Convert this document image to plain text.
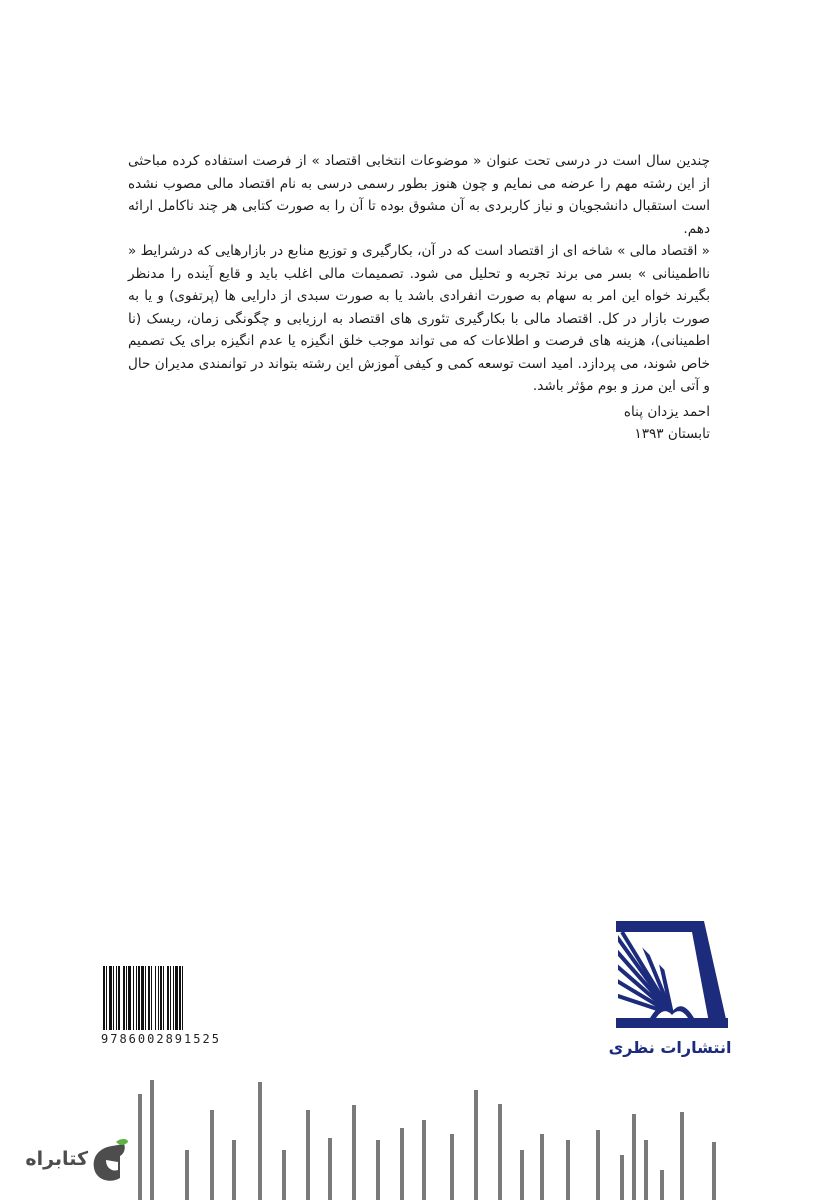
چندین سال است در درسی تحت عنوان « موضوعات انتخابی اقتصاد » از فرصت استفاده کرده مباحثی از این رشته مهم را عرضه می نمایم و چون هنوز بطور رسمی درسی به نام اقتصاد مالی مصوب نشده است استقبال دانشجویان و نیاز کاربردی به آن مشوق بوده تا آن را به صورت کتابی هر چند ناکامل ارائه دهم.

« اقتصاد مالی » شاخه ای از اقتصاد است که در آن، بکارگیری و توزیع منابع در بازارهایی که درشرایط « نااطمینانی » بسر می برند تجربه و تحلیل می شود. تصمیمات مالی اغلب باید و قایع آینده را مدنظر بگیرند خواه این امر به سهام به صورت انفرادی باشد یا به صورت سبدی از دارایی ها (پرتفوی) و یا به صورت بازار در کل. اقتصاد مالی با بکارگیری تئوری های اقتصاد به ارزیابی و چگونگی زمان، ریسک (نا اطمینانی)، هزینه های فرصت و اطلاعات که می تواند موجب خلق انگیزه یا عدم انگیزه برای یک تصمیم خاص شوند، می پردازد. امید است توسعه کمی و کیفی آموزش این رشته بتواند در توانمندی مدیران حال و آتی این مرز و بوم مؤثر باشد.

احمد یزدان پناه
تابستان ۱۳۹۳
انتشارات نظری
9786002891525
کتابراه
